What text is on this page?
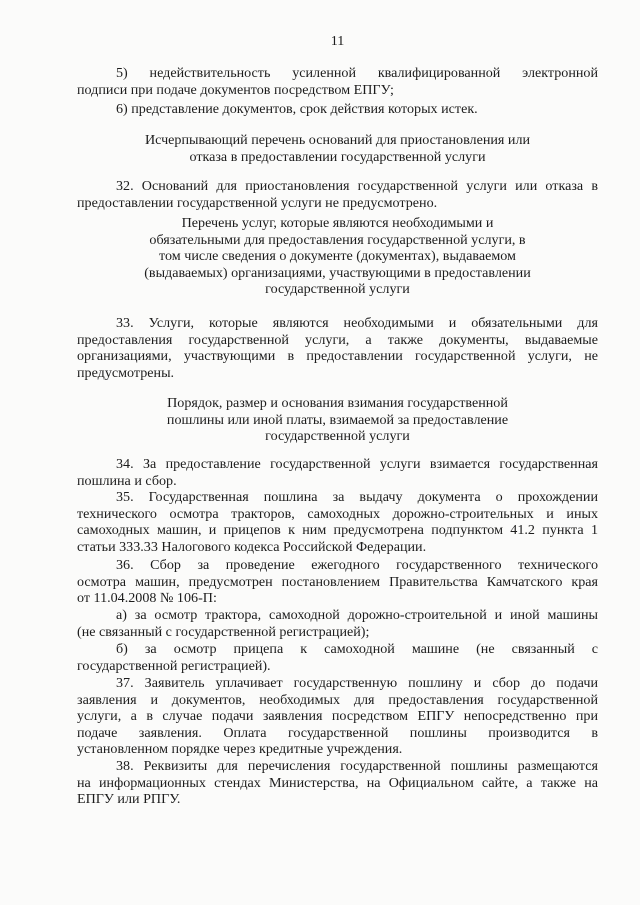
11
5) недействительность усиленной квалифицированной электронной
подписи при подаче документов посредством ЕПГУ;
6) представление документов, срок действия которых истек.
Исчерпывающий перечень оснований для приостановления или
отказа в предоставлении государственной услуги
32. Оснований для приостановления государственной услуги или отказа в
предоставлении государственной услуги не предусмотрено.
Перечень услуг, которые являются необходимыми и
обязательными для предоставления государственной услуги, в
том числе сведения о документе (документах), выдаваемом
(выдаваемых) организациями, участвующими в предоставлении
государственной услуги
33. Услуги, которые являются необходимыми и обязательными для
предоставления государственной услуги, а также документы, выдаваемые
организациями, участвующими в предоставлении государственной услуги, не
предусмотрены.
Порядок, размер и основания взимания государственной
пошлины или иной платы, взимаемой за предоставление
государственной услуги
34. За предоставление государственной услуги взимается государственная
пошлина и сбор.
35. Государственная пошлина за выдачу документа о прохождении
технического осмотра тракторов, самоходных дорожно-строительных и иных
самоходных машин, и прицепов к ним предусмотрена подпунктом 41.2 пункта 1
статьи 333.33 Налогового кодекса Российской Федерации.
36. Сбор за проведение ежегодного государственного технического
осмотра машин, предусмотрен постановлением Правительства Камчатского края
от 11.04.2008 № 106-П:
а) за осмотр трактора, самоходной дорожно-строительной и иной машины
(не связанный с государственной регистрацией);
б) за осмотр прицепа к самоходной машине (не связанный с
государственной регистрацией).
37. Заявитель уплачивает государственную пошлину и сбор до подачи
заявления и документов, необходимых для предоставления государственной
услуги, а в случае подачи заявления посредством ЕПГУ непосредственно при
подаче заявления. Оплата государственной пошлины производится в
установленном порядке через кредитные учреждения.
38. Реквизиты для перечисления государственной пошлины размещаются
на информационных стендах Министерства, на Официальном сайте, а также на
ЕПГУ или РПГУ.
